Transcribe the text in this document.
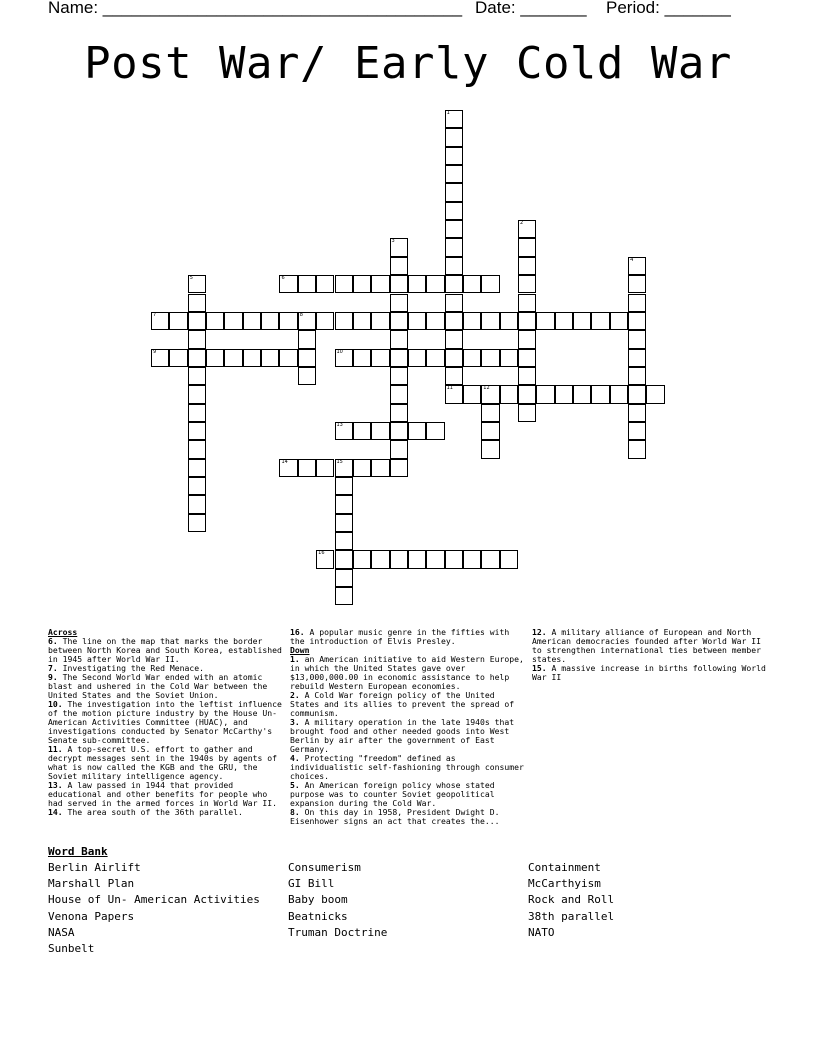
Name: ______________________________________ Date: _______ Period: _______
Post War/ Early Cold War
1
2
3
4
5	6
7	8
9	10
11	12
13
14	15
16
Across
6. The line on the map that marks the border between North Korea and South Korea, established in 1945 after World War II.
7. Investigating the Red Menace.
9. The Second World War ended with an atomic blast and ushered in the Cold War between the United States and the Soviet Union.
10. The investigation into the leftist influence of the motion picture industry by the House Un-American Activities Committee (HUAC), and investigations conducted by Senator McCarthy's Senate sub-committee.
11. A top-secret U.S. effort to gather and decrypt messages sent in the 1940s by agents of what is now called the KGB and the GRU, the Soviet military intelligence agency.
13. A law passed in 1944 that provided educational and other benefits for people who had served in the armed forces in World War II.
14. The area south of the 36th parallel.
16. A popular music genre in the fifties with the introduction of Elvis Presley.
Down
1. an American initiative to aid Western Europe, in which the United States gave over $13,000,000.00 in economic assistance to help rebuild Western European economies.
2. A Cold War foreign policy of the United States and its allies to prevent the spread of communism.
3. A military operation in the late 1940s that brought food and other needed goods into West Berlin by air after the government of East Germany.
4. Protecting "freedom" defined as individualistic self-fashioning through consumer choices.
5. An American foreign policy whose stated purpose was to counter Soviet geopolitical expansion during the Cold War.
8. On this day in 1958, President Dwight D. Eisenhower signs an act that creates the...
12. A military alliance of European and North American democracies founded after World War II to strengthen international ties between member states.
15. A massive increase in births following World War II
Word Bank
Berlin Airlift
Marshall Plan
House of Un- American Activities
Venona Papers
NASA
Sunbelt
Consumerism
GI Bill
Baby boom
Beatnicks
Truman Doctrine
Containment
McCarthyism
Rock and Roll
38th parallel
NATO
